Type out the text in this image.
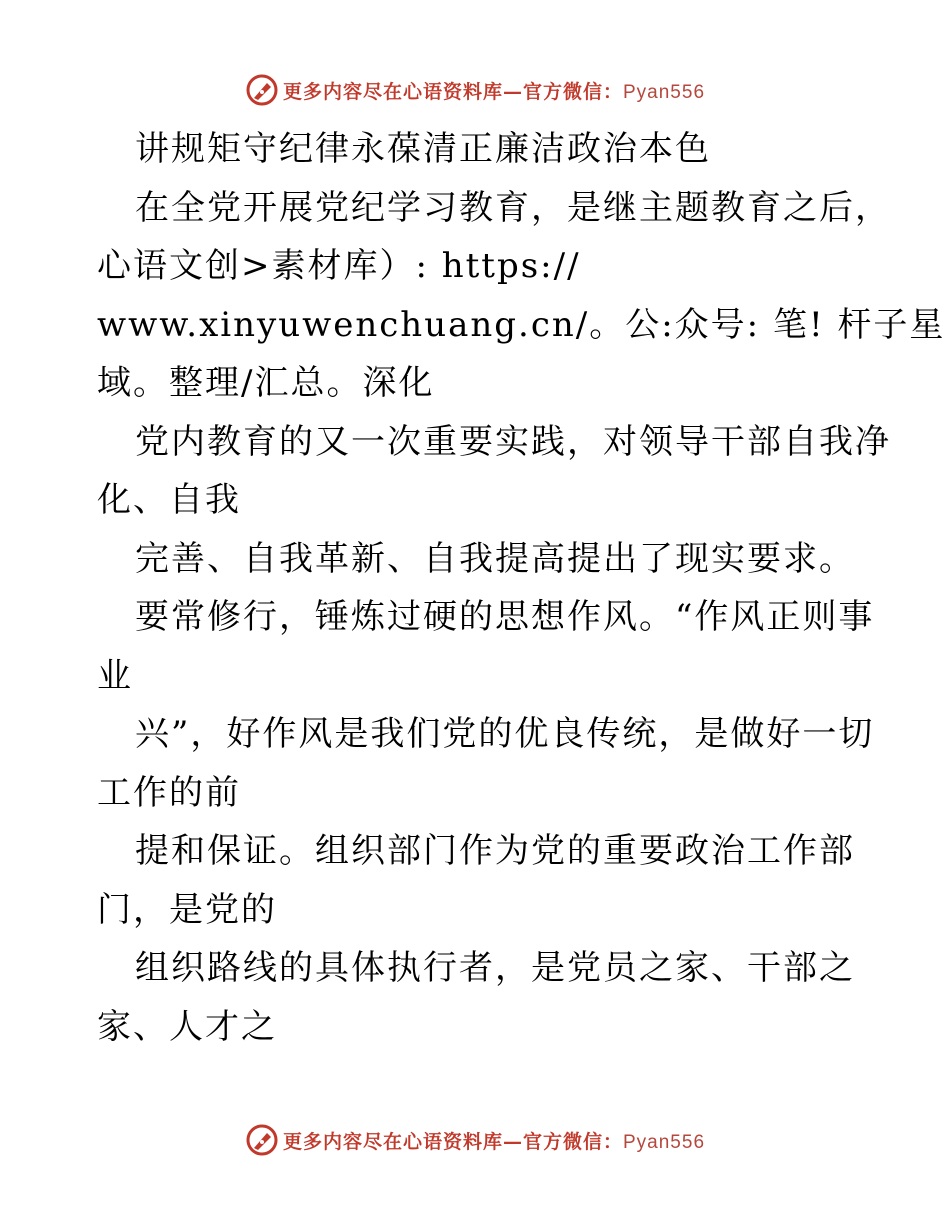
更多内容尽在心语资料库—官方微信：Pyan556
讲规矩守纪律永葆清正廉洁政治本色
在全党开展党纪学习教育，是继主题教育之后，
心语文创>素材库）: https://
www.xinyuwenchuang.cn/。公:众号: 笔! 杆子星
域。整理/汇总。深化
党内教育的又一次重要实践，对领导干部自我净
化、自我
完善、自我革新、自我提高提出了现实要求。
要常修行，锤炼过硬的思想作风。“作风正则事
业
兴”，好作风是我们党的优良传统，是做好一切
工作的前
提和保证。组织部门作为党的重要政治工作部
门，是党的
组织路线的具体执行者，是党员之家、干部之
家、人才之
更多内容尽在心语资料库—官方微信：Pyan556
